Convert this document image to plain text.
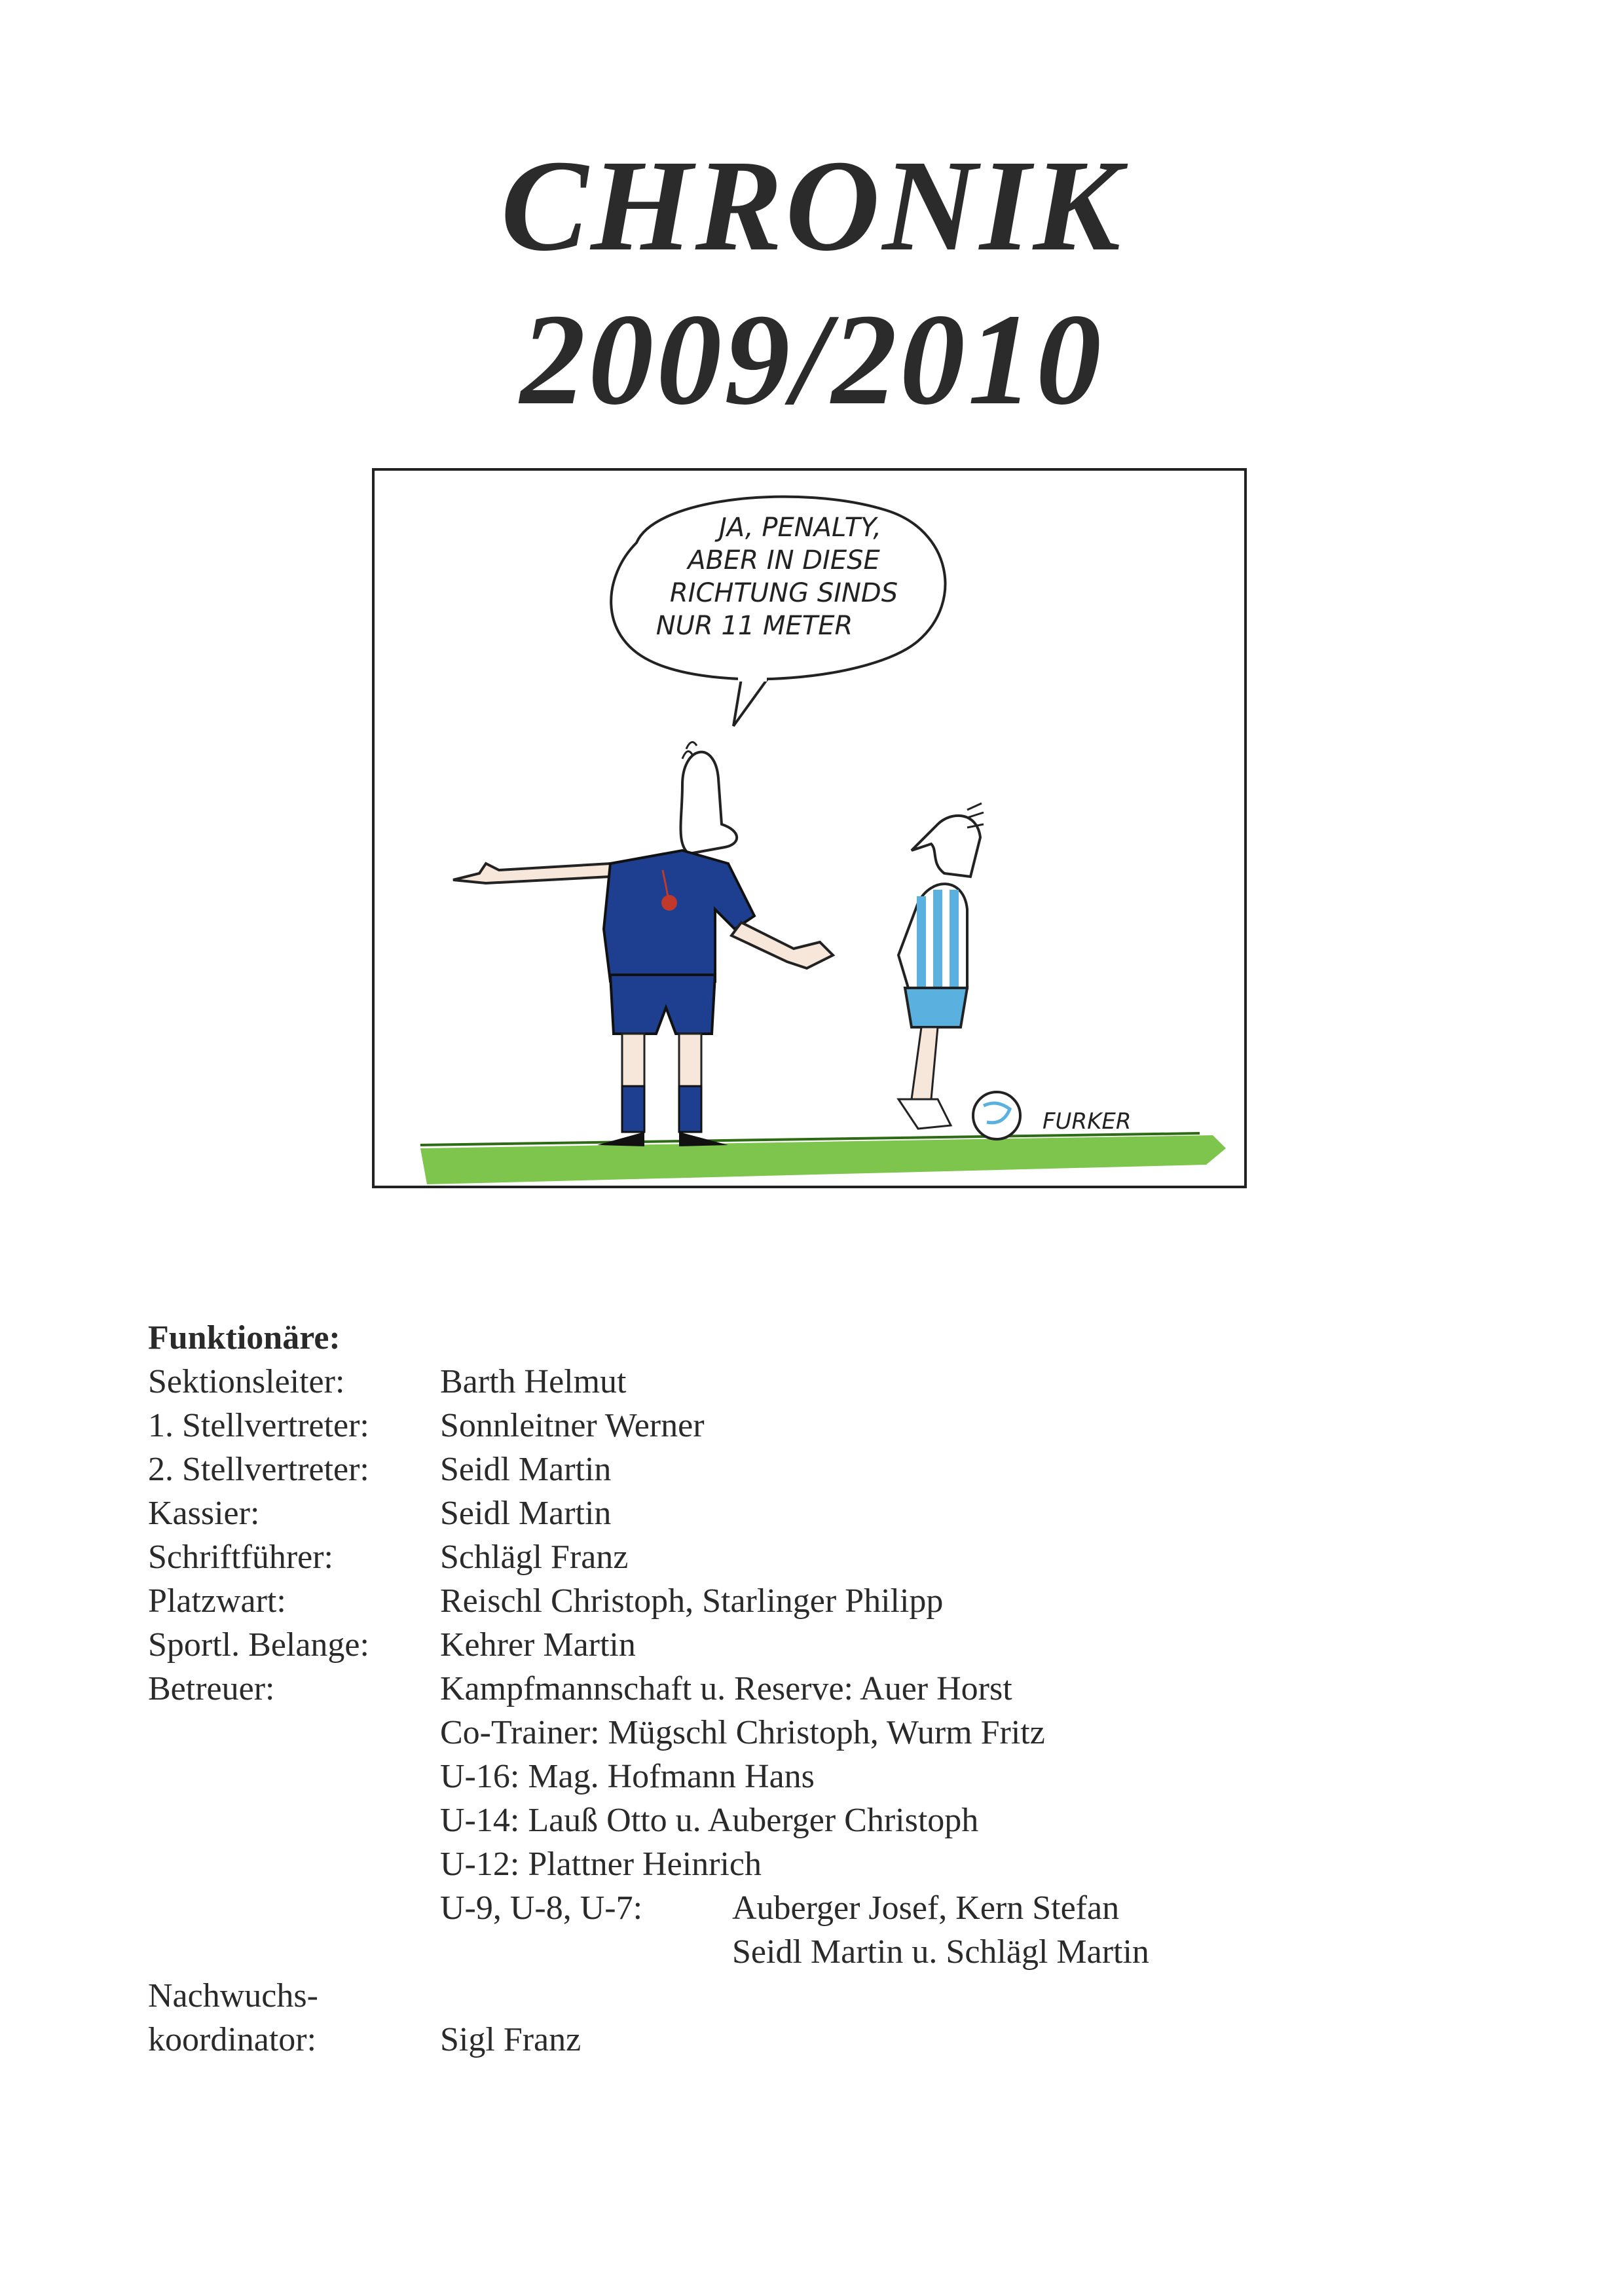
CHRONIK
2009/2010
JA, PENALTY,
ABER IN DIESE
RICHTUNG SINDS
NUR 11 METER
FURKER
Funktionäre:
Sektionsleiter:	Barth Helmut
1. Stellvertreter: Sonnleitner Werner
2. Stellvertreter: Seidl Martin
Kassier:	Seidl Martin
Schriftführer:	Schlägl Franz
Platzwart:	Reischl Christoph, Starlinger Philipp
Sportl. Belange: Kehrer Martin
Betreuer:	Kampfmannschaft u. Reserve: Auer Horst
Co-Trainer: Mügschl Christoph, Wurm Fritz
U-16: Mag. Hofmann Hans
U-14: Lauß Otto u. Auberger Christoph
U-12: Plattner Heinrich
U-9, U-8, U-7:	Auberger Josef, Kern Stefan
Seidl Martin u. Schlägl Martin
Nachwuchs-
koordinator:	Sigl Franz
